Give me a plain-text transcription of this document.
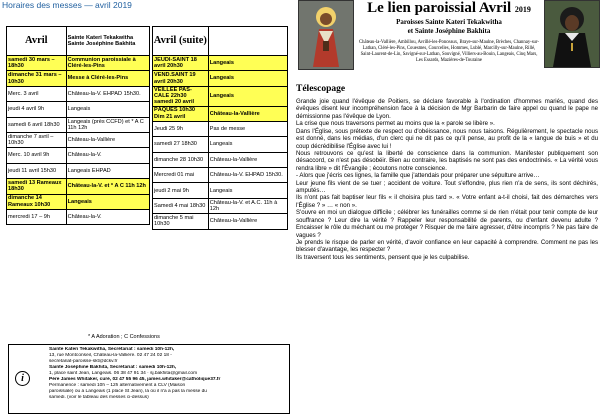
Horaires des messes — avril 2019
Avril	Sainte Kateri Tekakwitha Sainte Joséphine Bakhita
samedi 30 mars – 18h30	Communion paroissiale à Cléré-les-Pins
dimanche 31 mars – 10h30	Messe à Cléré-les-Pins
Merc. 3 avril	Château-la-V. EHPAD 15h30.
jeudi 4 avril 9h	Langeais
samedi 6 avril 18h30	Langeais (près CCFD) et * A C 11h 12h
dimanche 7 avril – 10h30	Château-la-Vallière
Merc. 10 avril 9h	Château-la-V.
jeudi 11 avril 15h30	Langeais EHPAD
samedi 13 Rameaux 18h30	Château-la-V. et * A C 11h 12h
dimanche 14 Rameaux 10h30	Langeais
mercredi 17 – 9h	Château-la-V.
Avril (suite)	
JEUDI-SAINT 18 avril 20h30	Langeais
VEND.SAINT 19 avril 20h30	Langeais
VEILLEE PAS-CALE 22h30 samedi 20 avril	Langeais
PÂQUES 10h30 Dim 21 avril	Château-la-Vallière
Jeudi 25 9h	Pas de messe
samedi 27 18h30	Langeais
dimanche 28 10h30	Château-la-Vallière
Mercredi 01 mai	Château-la-V. EHPAD 15h30.
jeudi 2 mai 9h	Langeais
Samedi 4 mai 18h30	Château-la-V. et A.C. 11h à 12h
dimanche 5 mai 10h30	Château-la-Vallière
* A Adoration ; C Confessions
i
Sainte Kateri Tekakwitha, Secrétariat : samedi 10h-12h,
13, rue Montconseil, Château-la-Vallière. 02 47 24 02 18 -
secretariat-paroisse-skt@dckv.fr
Sainte Joséphine Bakhita, Secrétariat : samedi 10h-12h,
1, place saint Jean, Langeais. 06 38 47 91 34 · sj.bakhita@gmail.com
Père James Whitaker, curé, 02 47 55 96 45, james.whitaker@catholique37.fr
Permanence : samedi 10h – 12h alternativement à CLV (Maison
paroissiale) ou à Langeais (1 place St Jean), là où il n'a a pas la messe du
samedi. (voir le tableau des messes ci-dessus)
Le lien paroissial Avril 2019
Paroisses Sainte Kateri Tekakwitha
et Sainte Joséphine Bakhita
Château-la-Vallière, Ambillou, Avrillé-les-Ponceaux, Braye-sur-Maulne, Brèches, Channay-sur-Lathan, Cléré-les-Pins, Couesmes, Courcelles, Hommes, Lublé, Marcilly-sur-Maulne, Rillé, Saint-Laurent-de-Lin, Savigné-sur-Lathan, Souvigné, Villiers-au-Bouin, Langeais, Cinq Mars, Les Essards, Mazières-de-Touraine
Télescopage

Grande joie quand l'évêque de Poitiers, se déclare favorable à l'ordination d'hommes mariés, quand des évêques disent leur incompréhension face à la décision de Mgr Barbarin de faire appel ou quand le pape ne démissionne pas l'évêque de Lyon.

La crise que nous traversons permet au moins que la « parole se libère ».

Dans l'Église, sous prétexte de respect ou d'obéissance, nous nous taisons. Régulièrement, le spectacle nous est donné, dans les médias, d'un clerc qui ne dit pas ce qu'il pense, au profit de la « langue de buis » et du coup décrédibilise l'Église avec lui !

Nous retrouvons ce qu'est la liberté de conscience dans la communion. Manifester publiquement son désaccord, ce n'est pas désobéir. Bien au contraire, les baptisés ne sont pas des endoctrinés. « La vérité vous rendra libre » dit l'Évangile ; écoutons notre conscience.

- Alors que j'écris ces lignes, la famille que j'attendais pour préparer une sépulture arrive…

Leur jeune fils vient de se tuer ; accident de voiture. Tout s'effondre, plus rien n'a de sens, ils sont déchirés, amputés…

Ils n'ont pas fait baptiser leur fils « il choisira plus tard ». « Votre enfant a-t-il choisi, fait des démarches vers l'Église ? » … « non ».

S'ouvre en moi un dialogue difficile ; célébrer les funérailles comme si de rien n'était pour tenir compte de leur souffrance ? Leur dire la vérité ? Rappeler leur responsabilité de parents, ou d'enfant devenu adulte ? Encaisser le rôle du méchant ou me protéger ? Risquer de me faire agresser, d'être incompris ? Ne pas faire de vagues ?

Je prends le risque de parler en vérité, d'avoir confiance en leur capacité à comprendre. Comment ne pas les blesser d'avantage, les respecter ?

Ils traversent tous les sentiments, pensent que je les culpabilise.
